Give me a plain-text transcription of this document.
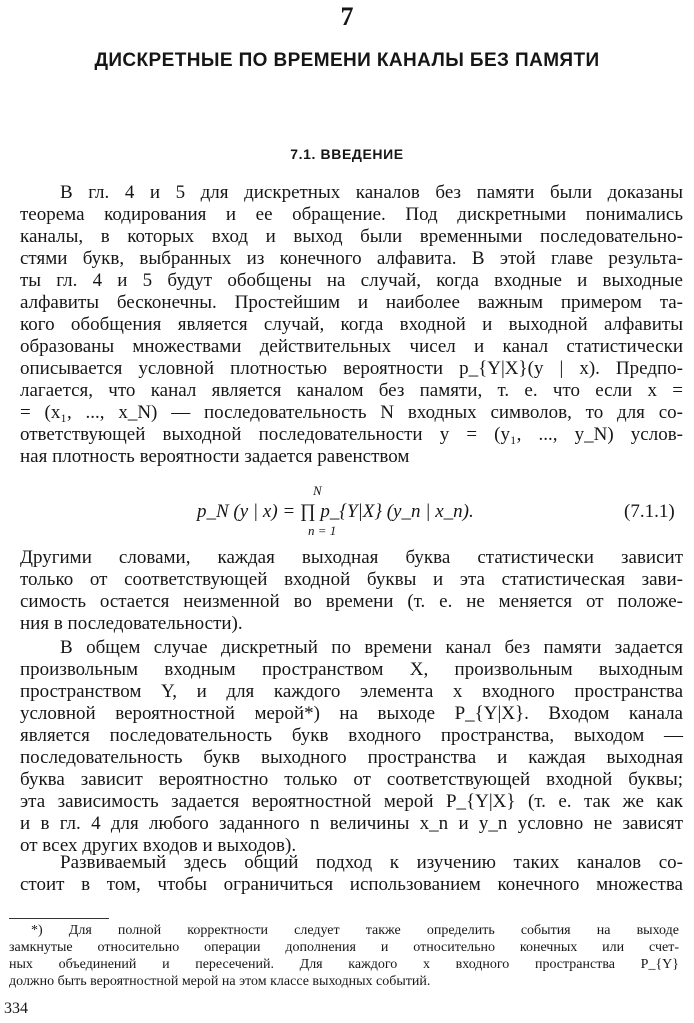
7
ДИСКРЕТНЫЕ ПО ВРЕМЕНИ КАНАЛЫ БЕЗ ПАМЯТИ
7.1. ВВЕДЕНИЕ
В гл. 4 и 5 для дискретных каналов без памяти были доказаны
теорема кодирования и ее обращение. Под дискретными понимались
каналы, в которых вход и выход были временными последовательно-
стями букв, выбранных из конечного алфавита. В этой главе результа-
ты гл. 4 и 5 будут обобщены на случай, когда входные и выходные
алфавиты бесконечны. Простейшим и наиболее важным примером та-
кого обобщения является случай, когда входной и выходной алфавиты
образованы множествами действительных чисел и канал статистически
описывается условной плотностью вероятности p_{Y|X}(y | x). Предпо-
лагается, что канал является каналом без памяти, т. е. что если x =
= (x₁, ..., x_N) — последовательность N входных символов, то для со-
ответствующей выходной последовательности y = (y₁, ..., y_N) услов-
ная плотность вероятности задается равенством
N
p_N (y | x) = ∏ p_{Y|X} (y_n | x_n).
n = 1
(7.1.1)
Другими словами, каждая выходная буква статистически зависит
только от соответствующей входной буквы и эта статистическая зави-
симость остается неизменной во времени (т. е. не меняется от положе-
ния в последовательности).
В общем случае дискретный по времени канал без памяти задается
произвольным входным пространством X, произвольным выходным
пространством Y, и для каждого элемента x входного пространства
условной вероятностной мерой*) на выходе P_{Y|X}. Входом канала
является последовательность букв входного пространства, выходом —
последовательность букв выходного пространства и каждая выходная
буква зависит вероятностно только от соответствующей входной буквы;
эта зависимость задается вероятностной мерой P_{Y|X} (т. е. так же как
и в гл. 4 для любого заданного n величины x_n и y_n условно не зависят
от всех других входов и выходов).
Развиваемый здесь общий подход к изучению таких каналов со-
стоит в том, чтобы ограничиться использованием конечного множества
*) Для полной корректности следует также определить события на выходе
замкнутые относительно операции дополнения и относительно конечных или счет-
ных объединений и пересечений. Для каждого x входного пространства P_{Y}
должно быть вероятностной мерой на этом классе выходных событий.
334
